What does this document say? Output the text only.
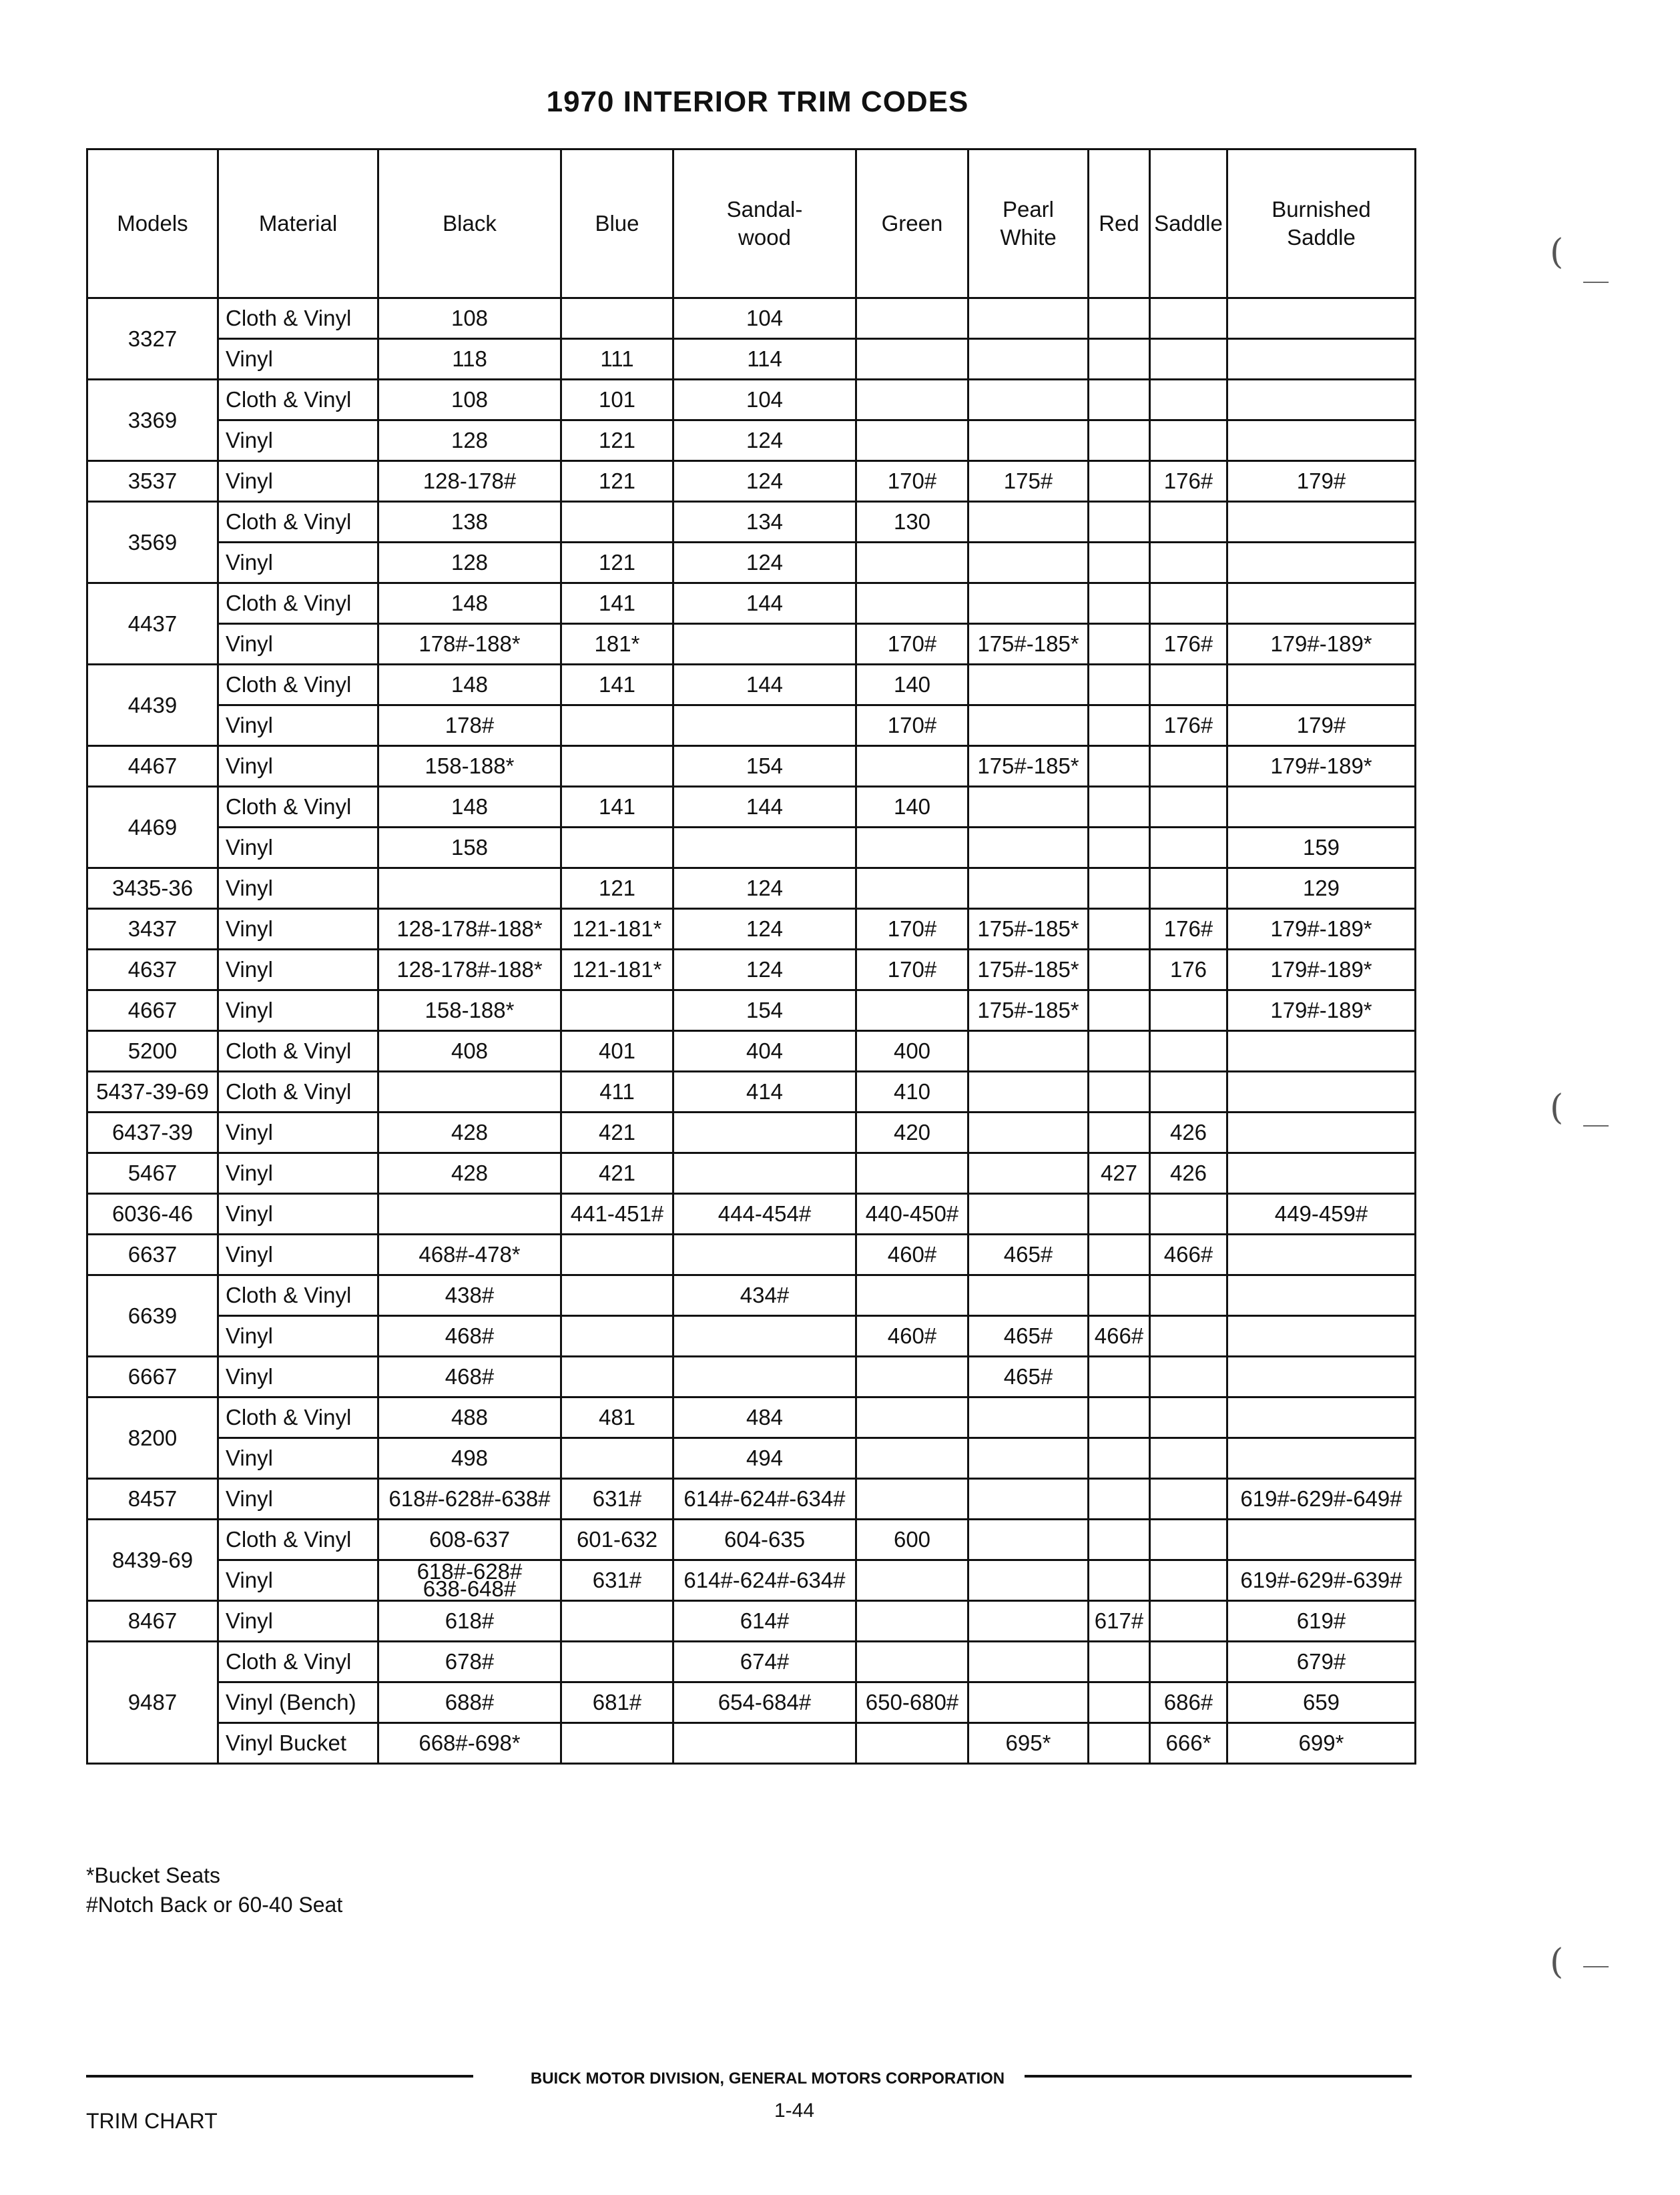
1970 INTERIOR TRIM CODES
Models	Material	Black	Blue	Sandal-
wood	Green	Pearl
White	Red	Saddle	Burnished
Saddle
3327	Cloth & Vinyl	108		104					
	Vinyl	118	111	114					
3369	Cloth & Vinyl	108	101	104					
	Vinyl	128	121	124					
3537	Vinyl	128-178#	121	124	170#	175#		176#	179#
3569	Cloth & Vinyl	138		134	130				
	Vinyl	128	121	124					
4437	Cloth & Vinyl	148	141	144					
	Vinyl	178#-188*	181*		170#	175#-185*		176#	179#-189*
4439	Cloth & Vinyl	148	141	144	140				
	Vinyl	178#			170#			176#	179#
4467	Vinyl	158-188*		154		175#-185*			179#-189*
4469	Cloth & Vinyl	148	141	144	140				
	Vinyl	158							159
3435-36	Vinyl		121	124					129
3437	Vinyl	128-178#-188*	121-181*	124	170#	175#-185*		176#	179#-189*
4637	Vinyl	128-178#-188*	121-181*	124	170#	175#-185*		176	179#-189*
4667	Vinyl	158-188*		154		175#-185*			179#-189*
5200	Cloth & Vinyl	408	401	404	400				
5437-39-69	Cloth & Vinyl		411	414	410				
6437-39	Vinyl	428	421		420			426	
5467	Vinyl	428	421				427	426	
6036-46	Vinyl		441-451#	444-454#	440-450#				449-459#
6637	Vinyl	468#-478*			460#	465#		466#	
6639	Cloth & Vinyl	438#		434#					
	Vinyl	468#			460#	465#	466#		
6667	Vinyl	468#				465#			
8200	Cloth & Vinyl	488	481	484					
	Vinyl	498		494					
8457	Vinyl	618#-628#-638#	631#	614#-624#-634#					619#-629#-649#
8439-69	Cloth & Vinyl	608-637	601-632	604-635	600				
	Vinyl	618#-628#
638-648#	631#	614#-624#-634#					619#-629#-639#
8467	Vinyl	618#		614#			617#		619#
9487	Cloth & Vinyl	678#		674#					679#
	Vinyl (Bench)	688#	681#	654-684#	650-680#			686#	659
	Vinyl Bucket	668#-698*				695*		666*	699*
*Bucket Seats
#Notch Back or 60-40 Seat
BUICK MOTOR DIVISION, GENERAL MOTORS CORPORATION
TRIM CHART	1-44
(
(
(
